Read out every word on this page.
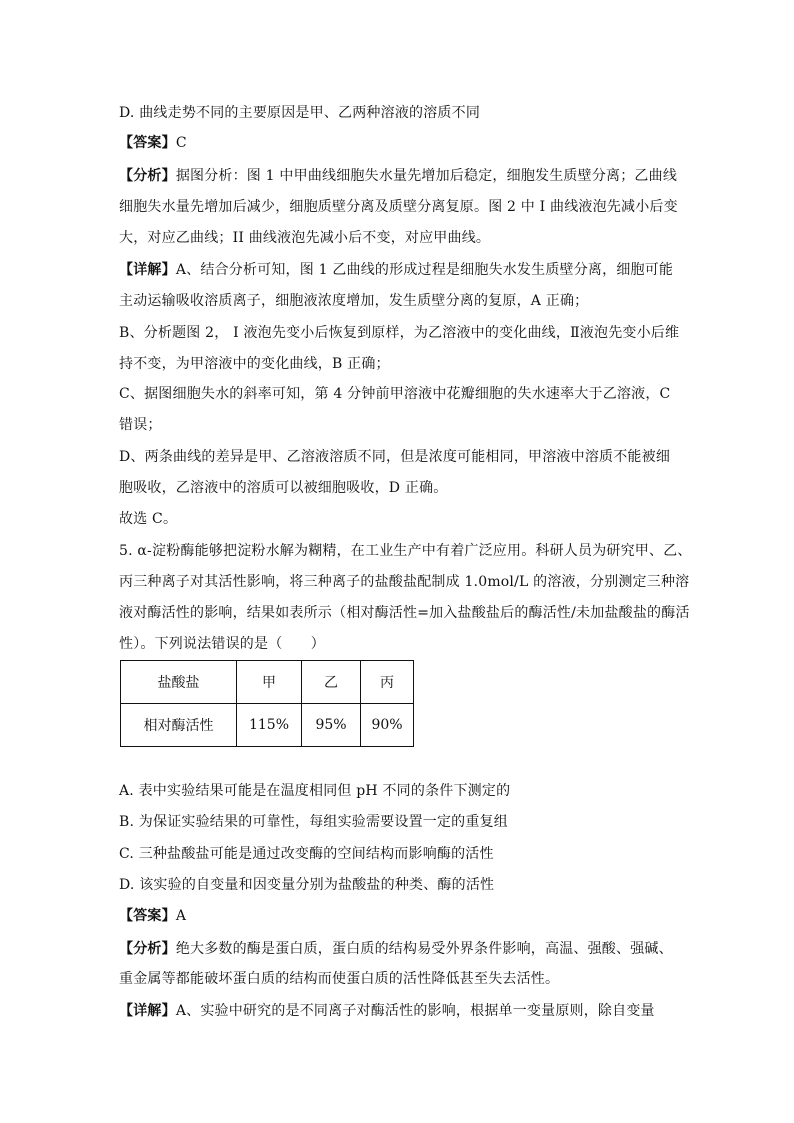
D. 曲线走势不同的主要原因是甲、乙两种溶液的溶质不同
【答案】C
【分析】据图分析：图 1 中甲曲线细胞失水量先增加后稳定，细胞发生质壁分离；乙曲线
细胞失水量先增加后减少，细胞质壁分离及质壁分离复原。图 2 中 I 曲线液泡先减小后变
大，对应乙曲线；II 曲线液泡先减小后不变，对应甲曲线。
【详解】A、结合分析可知，图 1 乙曲线的形成过程是细胞失水发生质壁分离，细胞可能
主动运输吸收溶质离子，细胞液浓度增加，发生质壁分离的复原，A 正确；
B、分析题图 2， I 液泡先变小后恢复到原样，为乙溶液中的变化曲线，Ⅱ液泡先变小后维
持不变，为甲溶液中的变化曲线，B 正确；
C、据图细胞失水的斜率可知，第 4 分钟前甲溶液中花瓣细胞的失水速率大于乙溶液，C
错误；
D、两条曲线的差异是甲、乙溶液溶质不同，但是浓度可能相同，甲溶液中溶质不能被细
胞吸收，乙溶液中的溶质可以被细胞吸收，D 正确。
故选 C。
5. α-淀粉酶能够把淀粉水解为糊精，在工业生产中有着广泛应用。科研人员为研究甲、乙、
丙三种离子对其活性影响，将三种离子的盐酸盐配制成 1.0mol/L 的溶液，分别测定三种溶
液对酶活性的影响，结果如表所示（相对酶活性=加入盐酸盐后的酶活性/未加盐酸盐的酶活
性）。下列说法错误的是（　　）
盐酸盐	甲	乙	丙
相对酶活性	115%	95%	90%
A. 表中实验结果可能是在温度相同但 pH 不同的条件下测定的
B. 为保证实验结果的可靠性，每组实验需要设置一定的重复组
C. 三种盐酸盐可能是通过改变酶的空间结构而影响酶的活性
D. 该实验的自变量和因变量分别为盐酸盐的种类、酶的活性
【答案】A
【分析】绝大多数的酶是蛋白质，蛋白质的结构易受外界条件影响，高温、强酸、强碱、
重金属等都能破坏蛋白质的结构而使蛋白质的活性降低甚至失去活性。
【详解】A、实验中研究的是不同离子对酶活性的影响，根据单一变量原则，除自变量
